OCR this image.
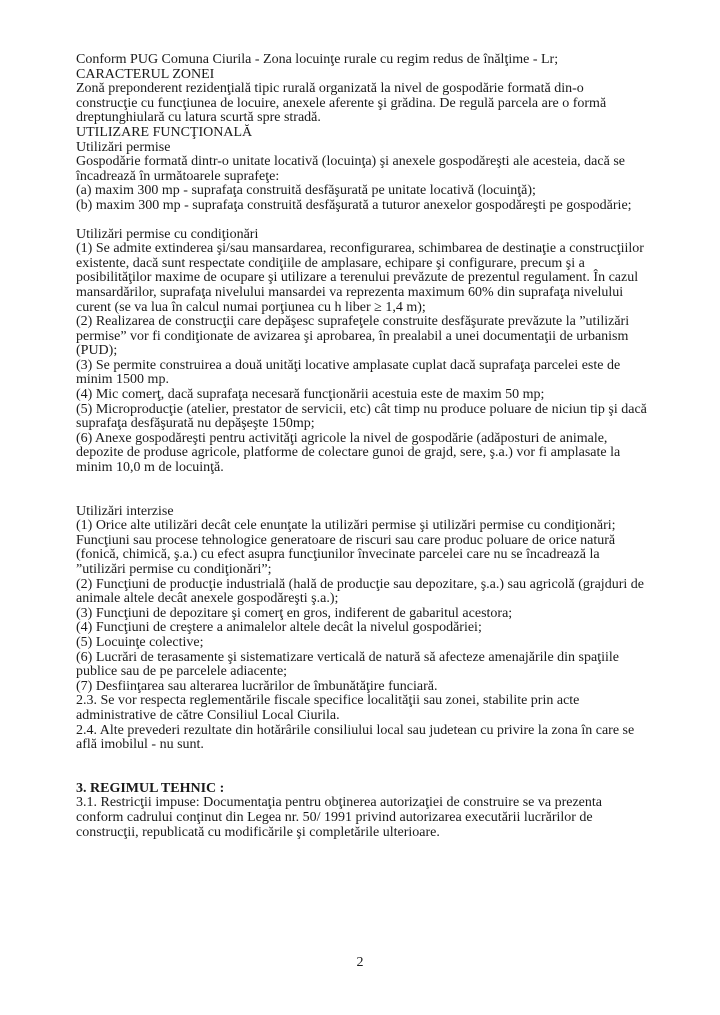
Conform PUG Comuna Ciurila - Zona locuinţe rurale cu regim redus de înălţime - Lr;
CARACTERUL ZONEI
Zonă preponderent rezidenţială tipic rurală organizată la nivel de gospodărie formată din-o
construcţie cu funcţiunea de locuire, anexele aferente şi grădina. De regulă parcela are o formă
dreptunghiulară cu latura scurtă spre stradă.
UTILIZARE FUNCŢIONALĂ
Utilizări permise
Gospodărie formată dintr-o unitate locativă (locuinţa) şi anexele gospodăreşti ale acesteia, dacă se
încadrează în următoarele suprafeţe:
(a) maxim 300 mp - suprafaţa construită desfăşurată pe unitate locativă (locuinţă);
(b) maxim 300 mp - suprafaţa construită desfăşurată a tuturor anexelor gospodăreşti pe gospodărie;
Utilizări permise cu condiţionări
(1) Se admite extinderea şi/sau mansardarea, reconfigurarea, schimbarea de destinaţie a construcţiilor
existente, dacă sunt respectate condiţiile de amplasare, echipare şi configurare, precum şi a
posibilităţilor maxime de ocupare şi utilizare a terenului prevăzute de prezentul regulament. În cazul
mansardărilor, suprafaţa nivelului mansardei va reprezenta maximum 60% din suprafaţa nivelului
curent (se va lua în calcul numai porţiunea cu h liber ≥ 1,4 m);
(2) Realizarea de construcţii care depăşesc suprafeţele construite desfăşurate prevăzute la ”utilizări
permise” vor fi condiţionate de avizarea şi aprobarea, în prealabil a unei documentaţii de urbanism
(PUD);
(3) Se permite construirea a două unităţi locative amplasate cuplat dacă suprafaţa parcelei este de
minim 1500 mp.
(4) Mic comerţ, dacă suprafaţa necesară funcţionării acestuia este de maxim 50 mp;
(5) Microproducţie (atelier, prestator de servicii, etc) cât timp nu produce poluare de niciun tip şi dacă
suprafaţa desfăşurată nu depăşeşte 150mp;
(6) Anexe gospodăreşti pentru activităţi agricole la nivel de gospodărie (adăposturi de animale,
depozite de produse agricole, platforme de colectare gunoi de grajd, sere, ş.a.) vor fi amplasate la
minim 10,0 m de locuinţă.
Utilizări interzise
(1) Orice alte utilizări decât cele enunţate la utilizări permise şi utilizări permise cu condiţionări;
Funcţiuni sau procese tehnologice generatoare de riscuri sau care produc poluare de orice natură
(fonică, chimică, ş.a.) cu efect asupra funcţiunilor învecinate parcelei care nu se încadrează la
”utilizări permise cu condiţionări”;
(2) Funcţiuni de producţie industrială (hală de producţie sau depozitare, ş.a.) sau agricolă (grajduri de
animale altele decât anexele gospodăreşti ş.a.);
(3) Funcţiuni de depozitare şi comerţ en gros, indiferent de gabaritul acestora;
(4) Funcţiuni de creştere a animalelor altele decât la nivelul gospodăriei;
(5) Locuinţe colective;
(6) Lucrări de terasamente şi sistematizare verticală de natură să afecteze amenajările din spaţiile
publice sau de pe parcelele adiacente;
(7) Desfiinţarea sau alterarea lucrărilor de îmbunătăţire funciară.
2.3. Se vor respecta reglementările fiscale specifice localităţii sau zonei, stabilite prin acte
administrative de către Consiliul Local Ciurila.
2.4. Alte prevederi rezultate din hotărârile consiliului local sau judetean cu privire la zona în care se
află imobilul - nu sunt.
3. REGIMUL TEHNIC :
3.1. Restricţii impuse: Documentaţia pentru obţinerea autorizaţiei de construire se va prezenta
conform cadrului conţinut din Legea nr. 50/ 1991 privind autorizarea executării lucrărilor de
construcţii, republicată cu modificările şi completările ulterioare.
2
